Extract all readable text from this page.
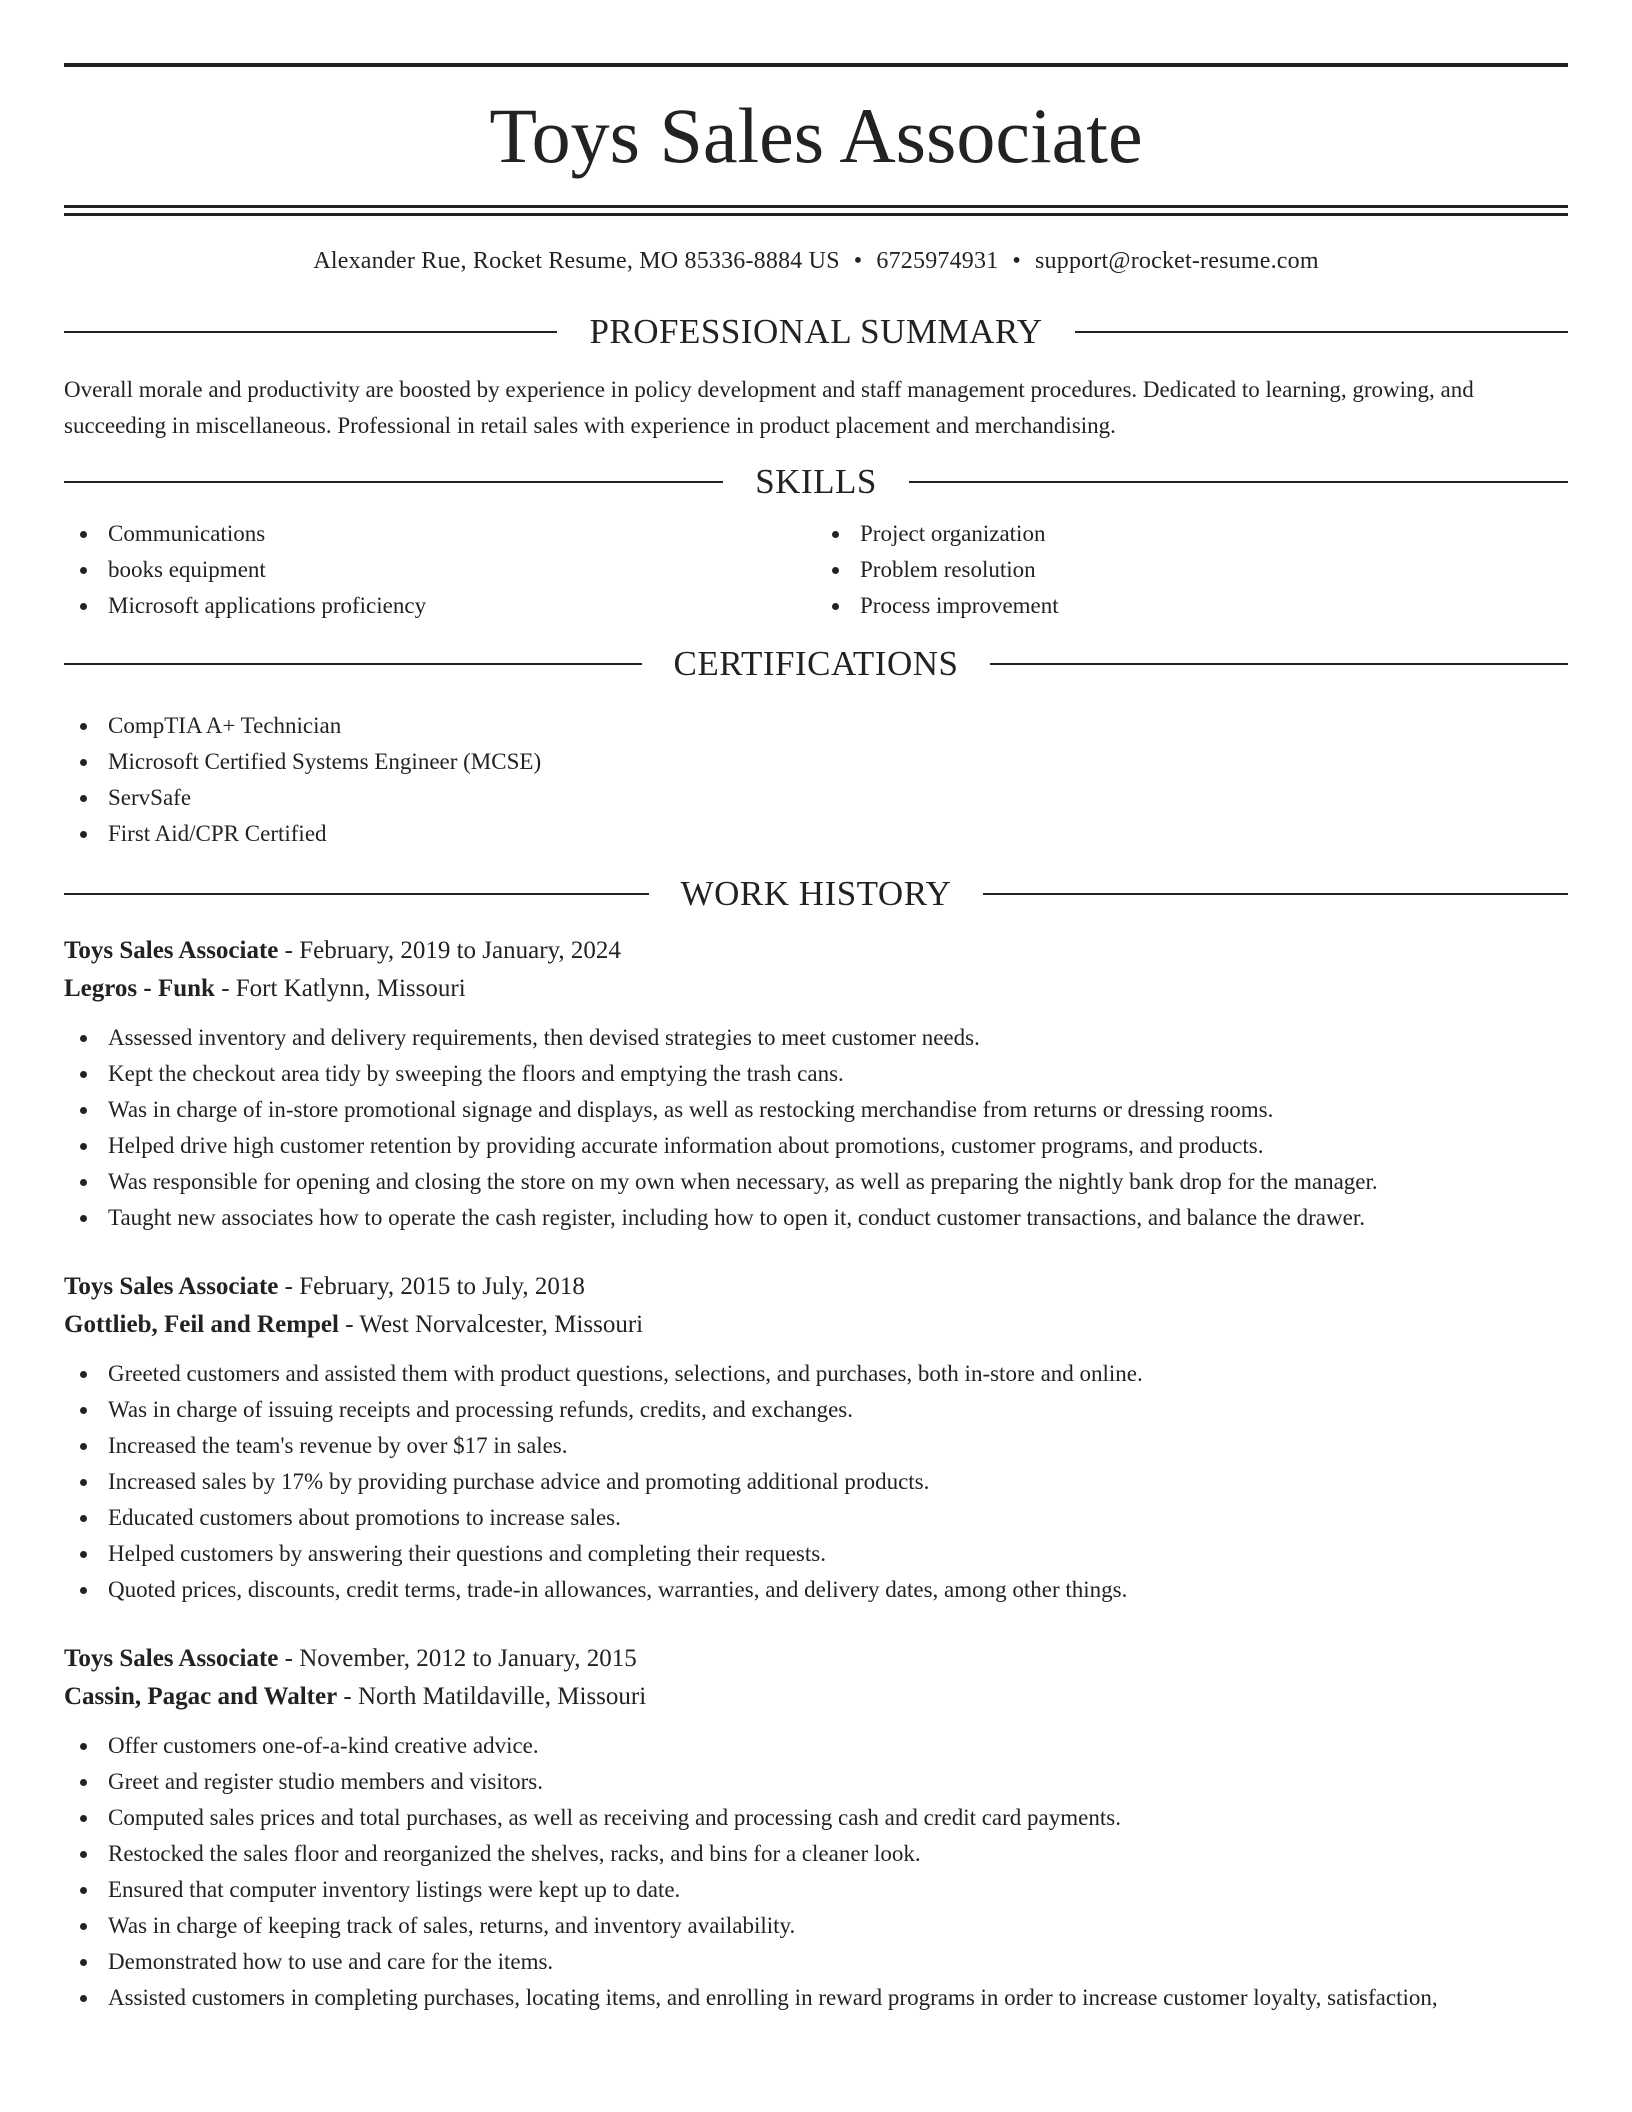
Toys Sales Associate
Alexander Rue, Rocket Resume, MO 85336-8884 US • 6725974931 • support@rocket-resume.com
PROFESSIONAL SUMMARY

Overall morale and productivity are boosted by experience in policy development and staff management procedures. Dedicated to learning, growing, and succeeding in miscellaneous. Professional in retail sales with experience in product placement and merchandising.

SKILLS
Communications
books equipment
Microsoft applications proficiency
Project organization
Problem resolution
Process improvement
CERTIFICATIONS
CompTIA A+ Technician
Microsoft Certified Systems Engineer (MCSE)
ServSafe
First Aid/CPR Certified
WORK HISTORY
Toys Sales Associate - February, 2019 to January, 2024
Legros - Funk - Fort Katlynn, Missouri
Assessed inventory and delivery requirements, then devised strategies to meet customer needs.
Kept the checkout area tidy by sweeping the floors and emptying the trash cans.
Was in charge of in-store promotional signage and displays, as well as restocking merchandise from returns or dressing rooms.
Helped drive high customer retention by providing accurate information about promotions, customer programs, and products.
Was responsible for opening and closing the store on my own when necessary, as well as preparing the nightly bank drop for the manager.
Taught new associates how to operate the cash register, including how to open it, conduct customer transactions, and balance the drawer.
Toys Sales Associate - February, 2015 to July, 2018
Gottlieb, Feil and Rempel - West Norvalcester, Missouri
Greeted customers and assisted them with product questions, selections, and purchases, both in-store and online.
Was in charge of issuing receipts and processing refunds, credits, and exchanges.
Increased the team's revenue by over $17 in sales.
Increased sales by 17% by providing purchase advice and promoting additional products.
Educated customers about promotions to increase sales.
Helped customers by answering their questions and completing their requests.
Quoted prices, discounts, credit terms, trade-in allowances, warranties, and delivery dates, among other things.
Toys Sales Associate - November, 2012 to January, 2015
Cassin, Pagac and Walter - North Matildaville, Missouri
Offer customers one-of-a-kind creative advice.
Greet and register studio members and visitors.
Computed sales prices and total purchases, as well as receiving and processing cash and credit card payments.
Restocked the sales floor and reorganized the shelves, racks, and bins for a cleaner look.
Ensured that computer inventory listings were kept up to date.
Was in charge of keeping track of sales, returns, and inventory availability.
Demonstrated how to use and care for the items.
Assisted customers in completing purchases, locating items, and enrolling in reward programs in order to increase customer loyalty, satisfaction,
